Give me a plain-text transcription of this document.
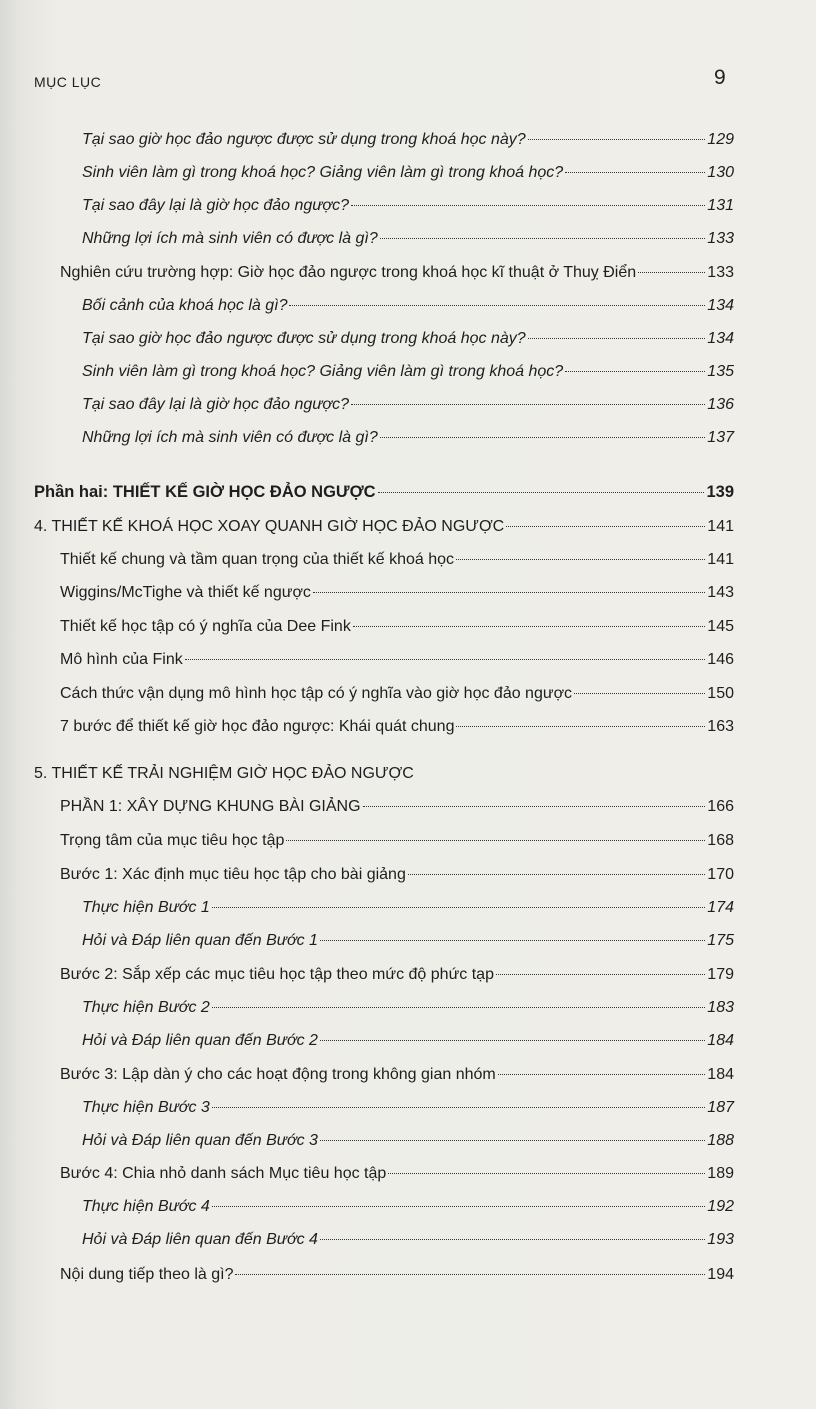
MỤC LỤC	9
Tại sao giờ học đảo ngược được sử dụng trong khoá học này?	129
Sinh viên làm gì trong khoá học? Giảng viên làm gì trong khoá học?	130
Tại sao đây lại là giờ học đảo ngược?	131
Những lợi ích mà sinh viên có được là gì?	133
Nghiên cứu trường hợp: Giờ học đảo ngược trong khoá học kĩ thuật ở Thuỵ Điển	133
Bối cảnh của khoá học là gì?	134
Tại sao giờ học đảo ngược được sử dụng trong khoá học này?	134
Sinh viên làm gì trong khoá học? Giảng viên làm gì trong khoá học?	135
Tại sao đây lại là giờ học đảo ngược?	136
Những lợi ích mà sinh viên có được là gì?	137
Phần hai: THIẾT KẾ GIỜ HỌC ĐẢO NGƯỢC	139
4. THIẾT KẾ KHOÁ HỌC XOAY QUANH GIỜ HỌC ĐẢO NGƯỢC	141
Thiết kế chung và tầm quan trọng của thiết kế khoá học	141
Wiggins/McTighe và thiết kế ngược	143
Thiết kế học tập có ý nghĩa của Dee Fink	145
Mô hình của Fink	146
Cách thức vận dụng mô hình học tập có ý nghĩa vào giờ học đảo ngược	150
7 bước để thiết kế giờ học đảo ngược: Khái quát chung	163
5. THIẾT KẾ TRẢI NGHIỆM GIỜ HỌC ĐẢO NGƯỢC
PHẦN 1: XÂY DỰNG KHUNG BÀI GIẢNG	166
Trọng tâm của mục tiêu học tập	168
Bước 1: Xác định mục tiêu học tập cho bài giảng	170
Thực hiện Bước 1	174
Hỏi và Đáp liên quan đến Bước 1	175
Bước 2: Sắp xếp các mục tiêu học tập theo mức độ phức tạp	179
Thực hiện Bước 2	183
Hỏi và Đáp liên quan đến Bước 2	184
Bước 3: Lập dàn ý cho các hoạt động trong không gian nhóm	184
Thực hiện Bước 3	187
Hỏi và Đáp liên quan đến Bước 3	188
Bước 4: Chia nhỏ danh sách Mục tiêu học tập	189
Thực hiện Bước 4	192
Hỏi và Đáp liên quan đến Bước 4	193
Nội dung tiếp theo là gì?	194
